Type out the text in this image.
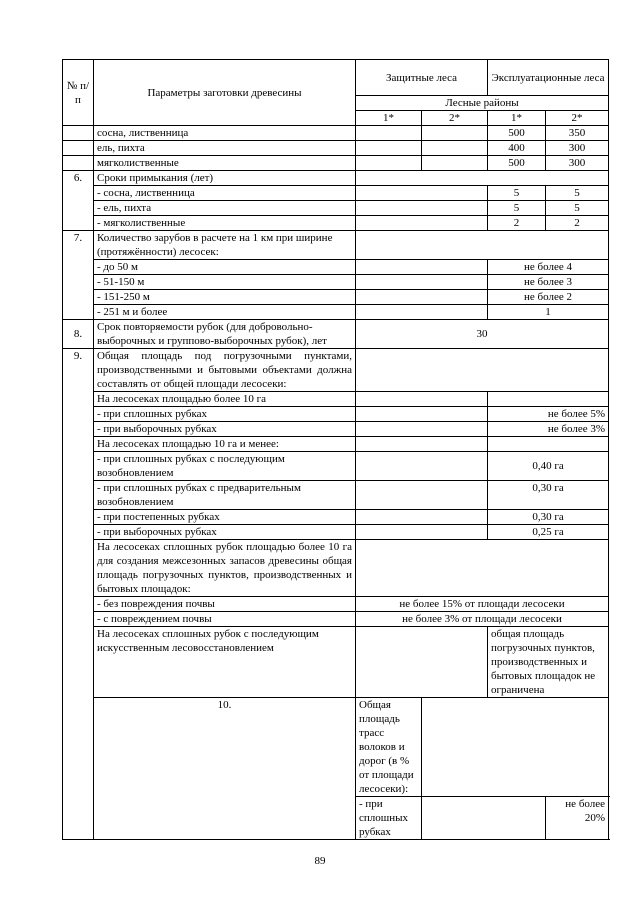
№ п/п	Параметры заготовки древесины	Защитные леса		Эксплуатационные леса	
		Лесные районы			
		1*	2*	1*	2*
	сосна, лиственница			500	350
	ель, пихта			400	300
	мягколиственные			500	300
6.	Сроки примыкания (лет)				
	- сосна, лиственница			5	5
	- ель, пихта			5	5
	- мягколиственные			2	2
7.	Количество зарубов в расчете на 1 км при ширине (протяжённости) лесосек:				
	- до 50 м			не более 4	
	- 51-150 м			не более 3	
	- 151-250 м			не более 2	
	- 251 м и более			1	
8.	Срок повторяемости рубок (для добровольно-выборочных и группово-выборочных рубок), лет	30			
9.	Общая площадь под погрузочными пунктами, производственными и бытовыми объектами должна составлять от общей площади лесосеки:				
	На лесосеках площадью более 10 га				
	- при сплошных рубках			не более 5%	
	- при выборочных рубках			не более 3%	
	На лесосеках площадью 10 га и менее:				
	- при сплошных рубках с последующим возобновлением			0,40 га	
	- при сплошных рубках с предварительным возобновлением			0,30 га	
	- при постепенных рубках			0,30 га	
	- при выборочных рубках			0,25 га	
	На лесосеках сплошных рубок площадью более 10 га для создания межсезонных запасов древесины общая площадь погрузочных пунктов, производственных и бытовых площадок:				
	- без повреждения почвы	не более 15% от площади лесосеки			
	- с повреждением почвы	не более 3% от площади лесосеки			
	На лесосеках сплошных рубок с последующим искусственным лесовосстановлением			общая площадь погрузочных пунктов, производственных и бытовых площадок не ограничена	
	10.	Общая площадь трасс волоков и дорог (в % от площади лесосеки):			
		- при сплошных рубках			не более 20%
89
